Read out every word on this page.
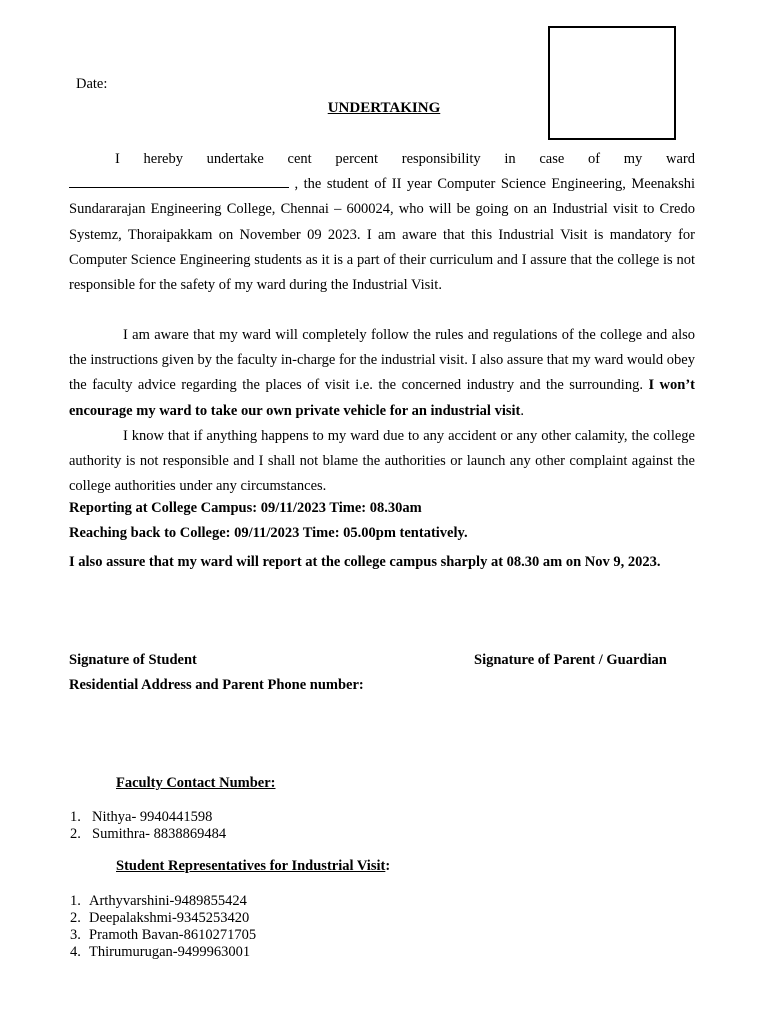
Date:
UNDERTAKING
I hereby undertake cent percent responsibility in case of my ward  , the student of II year Computer Science Engineering, Meenakshi Sundararajan Engineering College, Chennai – 600024, who will be going on an Industrial visit to Credo Systemz, Thoraipakkam on November 09 2023. I am aware that this Industrial Visit is mandatory for Computer Science Engineering students as it is a part of their curriculum and I assure that the college is not responsible for the safety of my ward during the Industrial Visit.
I am aware that my ward will completely follow the rules and regulations of the college and also the instructions given by the faculty in-charge for the industrial visit. I also assure that my ward would obey the faculty advice regarding the places of visit i.e. the concerned industry and the surrounding. I won’t encourage my ward to take our own private vehicle for an industrial visit.
I know that if anything happens to my ward due to any accident or any other calamity, the college authority is not responsible and I shall not blame the authorities or launch any other complaint against the college authorities under any circumstances.
Reporting at College Campus: 09/11/2023 Time: 08.30am
Reaching back to College: 09/11/2023 Time: 05.00pm tentatively.
I also assure that my ward will report at the college campus sharply at 08.30 am on Nov 9, 2023.
Signature of Student	Signature of Parent / Guardian
Residential Address and Parent Phone number:
Faculty Contact Number:
1. Nithya- 9940441598
2. Sumithra- 8838869484
Student Representatives for Industrial Visit:
1. Arthyvarshini-9489855424
2. Deepalakshmi-9345253420
3. Pramoth Bavan-8610271705
4. Thirumurugan-9499963001
